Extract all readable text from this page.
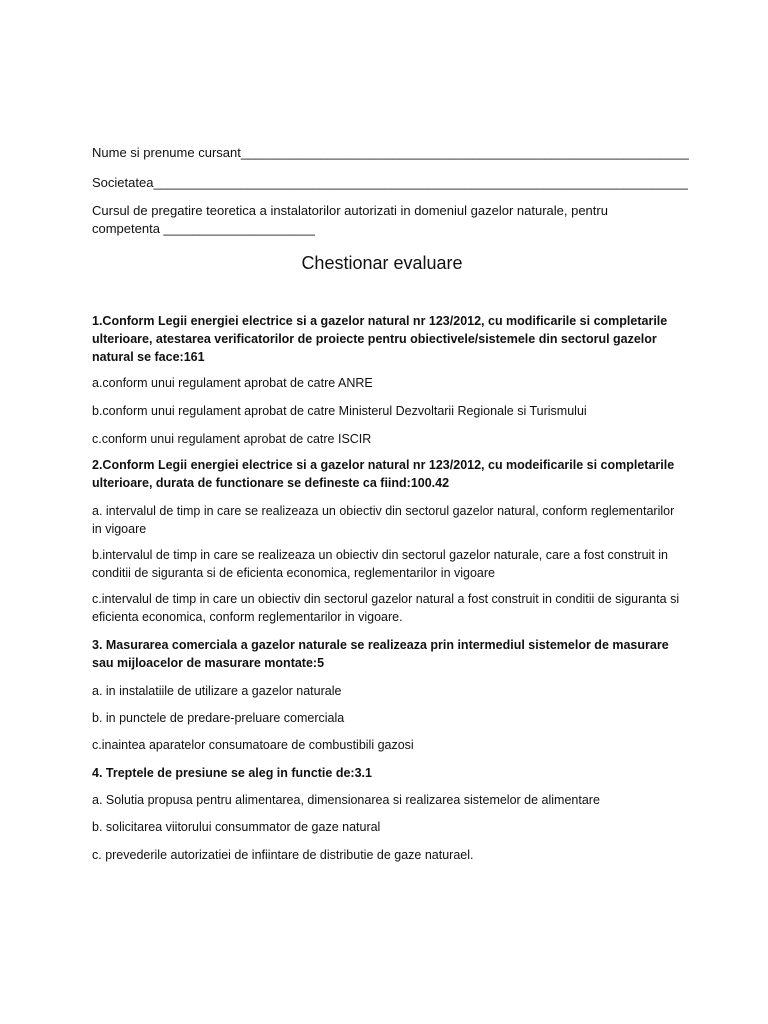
Nume si prenume cursant______________________________________________________________
Societatea__________________________________________________________________________
Cursul de pregatire teoretica a instalatorilor autorizati in domeniul gazelor naturale, pentru
competenta _____________________
Chestionar evaluare
1.Conform Legii energiei electrice si a gazelor natural nr 123/2012, cu modificarile si completarile ulterioare, atestarea verificatorilor de proiecte pentru obiectivele/sistemele din sectorul gazelor natural se face:161
a.conform unui regulament aprobat de catre ANRE
b.conform unui regulament aprobat de catre Ministerul Dezvoltarii Regionale si Turismului
c.conform unui regulament aprobat de catre ISCIR
2.Conform Legii energiei electrice si a gazelor natural nr 123/2012, cu modeificarile si completarile ulterioare, durata de functionare se defineste ca fiind:100.42
a. intervalul de timp in care se realizeaza un obiectiv din sectorul gazelor natural, conform reglementarilor in vigoare
b.intervalul de timp in care se realizeaza un obiectiv din sectorul gazelor naturale, care a fost construit in conditii de siguranta si de eficienta economica, reglementarilor in vigoare
c.intervalul de timp in care un obiectiv din sectorul gazelor natural a fost construit in conditii de siguranta si eficienta economica, conform reglementarilor in vigoare.
3. Masurarea comerciala a gazelor naturale se realizeaza prin intermediul sistemelor de masurare sau mijloacelor de masurare montate:5
a. in instalatiile de utilizare a gazelor naturale
b. in punctele de predare-preluare comerciala
c.inaintea aparatelor consumatoare de combustibili gazosi
4. Treptele de presiune se aleg in functie de:3.1
a. Solutia propusa pentru alimentarea, dimensionarea si realizarea sistemelor de alimentare
b. solicitarea viitorului consummator de gaze natural
c. prevederile autorizatiei de infiintare de distributie de gaze naturael.
